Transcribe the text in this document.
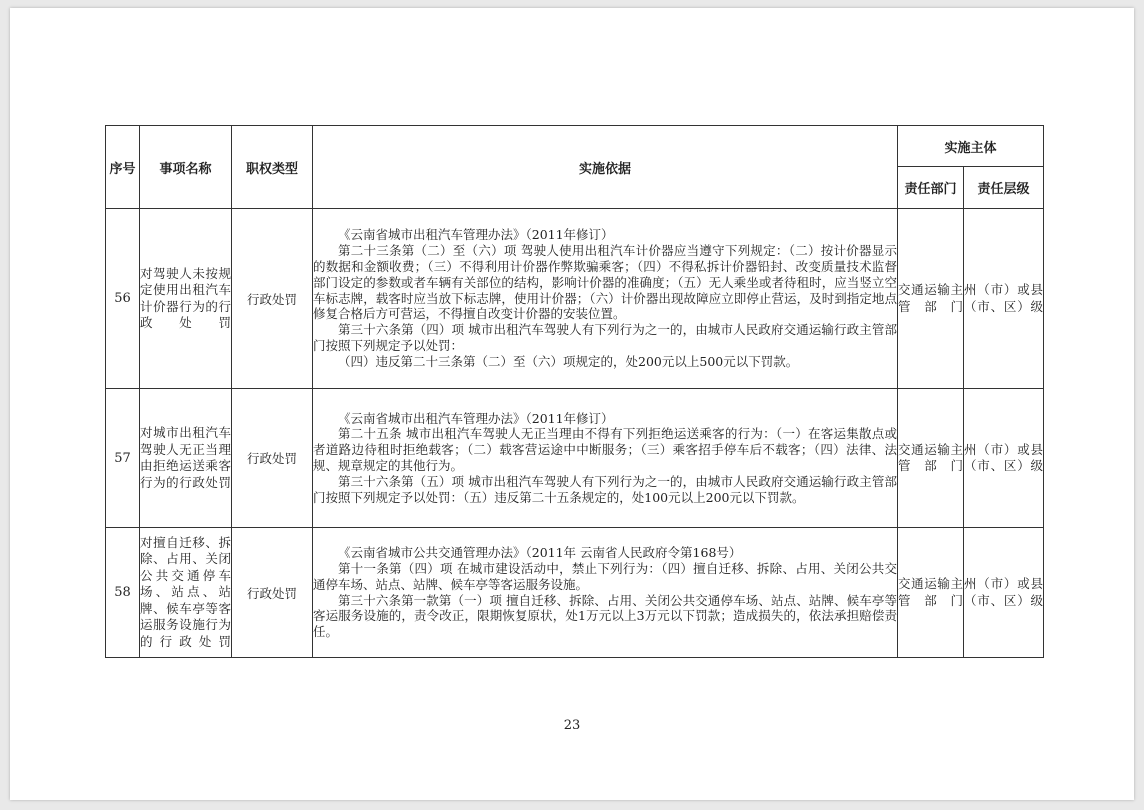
序号	事项名称	职权类型	实施依据	实施主体	
				责任部门	责任层级
56	对驾驶人未按规定使用出租汽车计价器行为的行政处罚	行政处罚	《云南省城市出租汽车管理办法》（2011年修订）

第二十三条第（二）至（六）项 驾驶人使用出租汽车计价器应当遵守下列规定：（二）按计价器显示的数据和金额收费；（三）不得利用计价器作弊欺骗乘客；（四）不得私拆计价器铅封、改变质量技术监督部门设定的参数或者车辆有关部位的结构，影响计价器的准确度；（五）无人乘坐或者待租时，应当竖立空车标志牌，载客时应当放下标志牌，使用计价器；（六）计价器出现故障应立即停止营运，及时到指定地点修复合格后方可营运，不得擅自改变计价器的安装位置。

第三十六条第（四）项 城市出租汽车驾驶人有下列行为之一的，由城市人民政府交通运输行政主管部门按照下列规定予以处罚：

（四）违反第二十三条第（二）至（六）项规定的，处200元以上500元以下罚款。	交通运输主管部门	州（市）或县（市、区）级
57	对城市出租汽车驾驶人无正当理由拒绝运送乘客行为的行政处罚	行政处罚	《云南省城市出租汽车管理办法》（2011年修订）

第二十五条 城市出租汽车驾驶人无正当理由不得有下列拒绝运送乘客的行为：（一）在客运集散点或者道路边待租时拒绝载客；（二）载客营运途中中断服务；（三）乘客招手停车后不载客；（四）法律、法规、规章规定的其他行为。

第三十六条第（五）项 城市出租汽车驾驶人有下列行为之一的，由城市人民政府交通运输行政主管部门按照下列规定予以处罚：（五）违反第二十五条规定的，处100元以上200元以下罚款。	交通运输主管部门	州（市）或县（市、区）级
58	对擅自迁移、拆除、占用、关闭公共交通停车场、站点、站牌、候车亭等客运服务设施行为的行政处罚	行政处罚	《云南省城市公共交通管理办法》（2011年 云南省人民政府令第168号）

第十一条第（四）项 在城市建设活动中，禁止下列行为：（四）擅自迁移、拆除、占用、关闭公共交通停车场、站点、站牌、候车亭等客运服务设施。

第三十六条第一款第（一）项 擅自迁移、拆除、占用、关闭公共交通停车场、站点、站牌、候车亭等客运服务设施的，责令改正，限期恢复原状，处1万元以上3万元以下罚款；造成损失的，依法承担赔偿责任。	交通运输主管部门	州（市）或县（市、区）级
23
